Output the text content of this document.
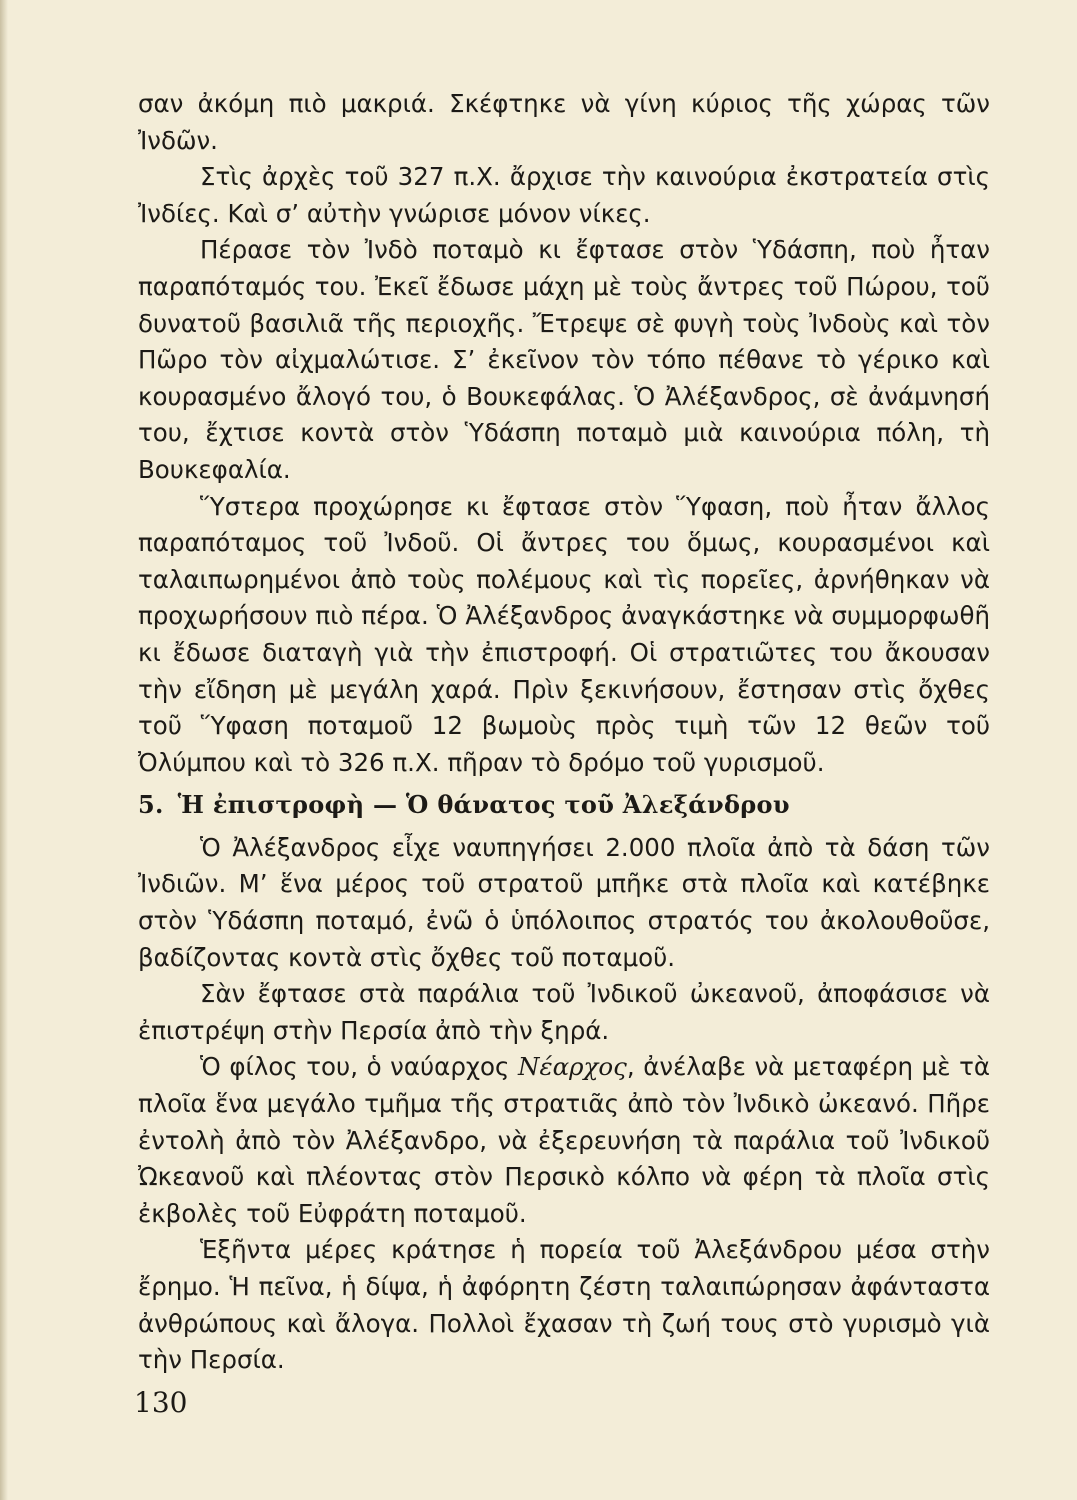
σαν ἀκόμη πιὸ μακριά. Σκέφτηκε νὰ γίνη κύριος τῆς χώρας τῶν Ἰνδῶν.

Στὶς ἀρχὲς τοῦ 327 π.Χ. ἄρχισε τὴν καινούρια ἐκστρατεία στὶς Ἰνδίες. Καὶ σ’ αὐτὴν γνώρισε μόνον νίκες.

Πέρασε τὸν Ἰνδὸ ποταμὸ κι ἔφτασε στὸν Ὑδάσπη, ποὺ ἦταν παραπόταμός του. Ἐκεῖ ἔδωσε μάχη μὲ τοὺς ἄντρες τοῦ Πώρου, τοῦ δυνατοῦ βασιλιᾶ τῆς περιοχῆς. Ἔτρεψε σὲ φυγὴ τοὺς Ἰνδοὺς καὶ τὸν Πῶρο τὸν αἰχμαλώτισε. Σ’ ἐκεῖνον τὸν τόπο πέθανε τὸ γέρικο καὶ κουρασμένο ἄλογό του, ὁ Βουκεφάλας. Ὁ Ἀλέξανδρος, σὲ ἀνάμνησή του, ἔχτισε κοντὰ στὸν Ὑδάσπη ποταμὸ μιὰ καινούρια πόλη, τὴ Βουκεφαλία.

Ὕστερα προχώρησε κι ἔφτασε στὸν Ὕφαση, ποὺ ἦταν ἄλλος παραπόταμος τοῦ Ἰνδοῦ. Οἱ ἄντρες του ὅμως, κουρασμένοι καὶ ταλαιπωρημένοι ἀπὸ τοὺς πολέμους καὶ τὶς πορεῖες, ἀρνήθηκαν νὰ προχωρήσουν πιὸ πέρα. Ὁ Ἀλέξανδρος ἀναγκάστηκε νὰ συμμορφωθῆ κι ἔδωσε διαταγὴ γιὰ τὴν ἐπιστροφή. Οἱ στρατιῶτες του ἄκουσαν τὴν εἴδηση μὲ μεγάλη χαρά. Πρὶν ξεκινήσουν, ἔστησαν στὶς ὄχθες τοῦ Ὕφαση ποταμοῦ 12 βωμοὺς πρὸς τιμὴ τῶν 12 θεῶν τοῦ Ὀλύμπου καὶ τὸ 326 π.Χ. πῆραν τὸ δρόμο τοῦ γυρισμοῦ.

5. Ἡ ἐπιστροφὴ — Ὁ θάνατος τοῦ Ἀλεξάνδρου

Ὁ Ἀλέξανδρος εἶχε ναυπηγήσει 2.000 πλοῖα ἀπὸ τὰ δάση τῶν Ἰνδιῶν. Μ’ ἕνα μέρος τοῦ στρατοῦ μπῆκε στὰ πλοῖα καὶ κατέβηκε στὸν Ὑδάσπη ποταμό, ἐνῶ ὁ ὑπόλοιπος στρατός του ἀκολουθοῦσε, βαδίζοντας κοντὰ στὶς ὄχθες τοῦ ποταμοῦ.

Σὰν ἔφτασε στὰ παράλια τοῦ Ἰνδικοῦ ὠκεανοῦ, ἀποφάσισε νὰ ἐπιστρέψη στὴν Περσία ἀπὸ τὴν ξηρά.

Ὁ φίλος του, ὁ ναύαρχος Νέαρχος, ἀνέλαβε νὰ μεταφέρη μὲ τὰ πλοῖα ἕνα μεγάλο τμῆμα τῆς στρατιᾶς ἀπὸ τὸν Ἰνδικὸ ὠκεανό. Πῆρε ἐντολὴ ἀπὸ τὸν Ἀλέξανδρο, νὰ ἐξερευνήση τὰ παράλια τοῦ Ἰνδικοῦ Ὠκεανοῦ καὶ πλέοντας στὸν Περσικὸ κόλπο νὰ φέρη τὰ πλοῖα στὶς ἐκβολὲς τοῦ Εὐφράτη ποταμοῦ.

Ἑξῆντα μέρες κράτησε ἡ πορεία τοῦ Ἀλεξάνδρου μέσα στὴν ἔρημο. Ἡ πεῖνα, ἡ δίψα, ἡ ἀφόρητη ζέστη ταλαιπώρησαν ἀφάνταστα ἀνθρώπους καὶ ἄλογα. Πολλοὶ ἔχασαν τὴ ζωή τους στὸ γυρισμὸ γιὰ τὴν Περσία.

130
